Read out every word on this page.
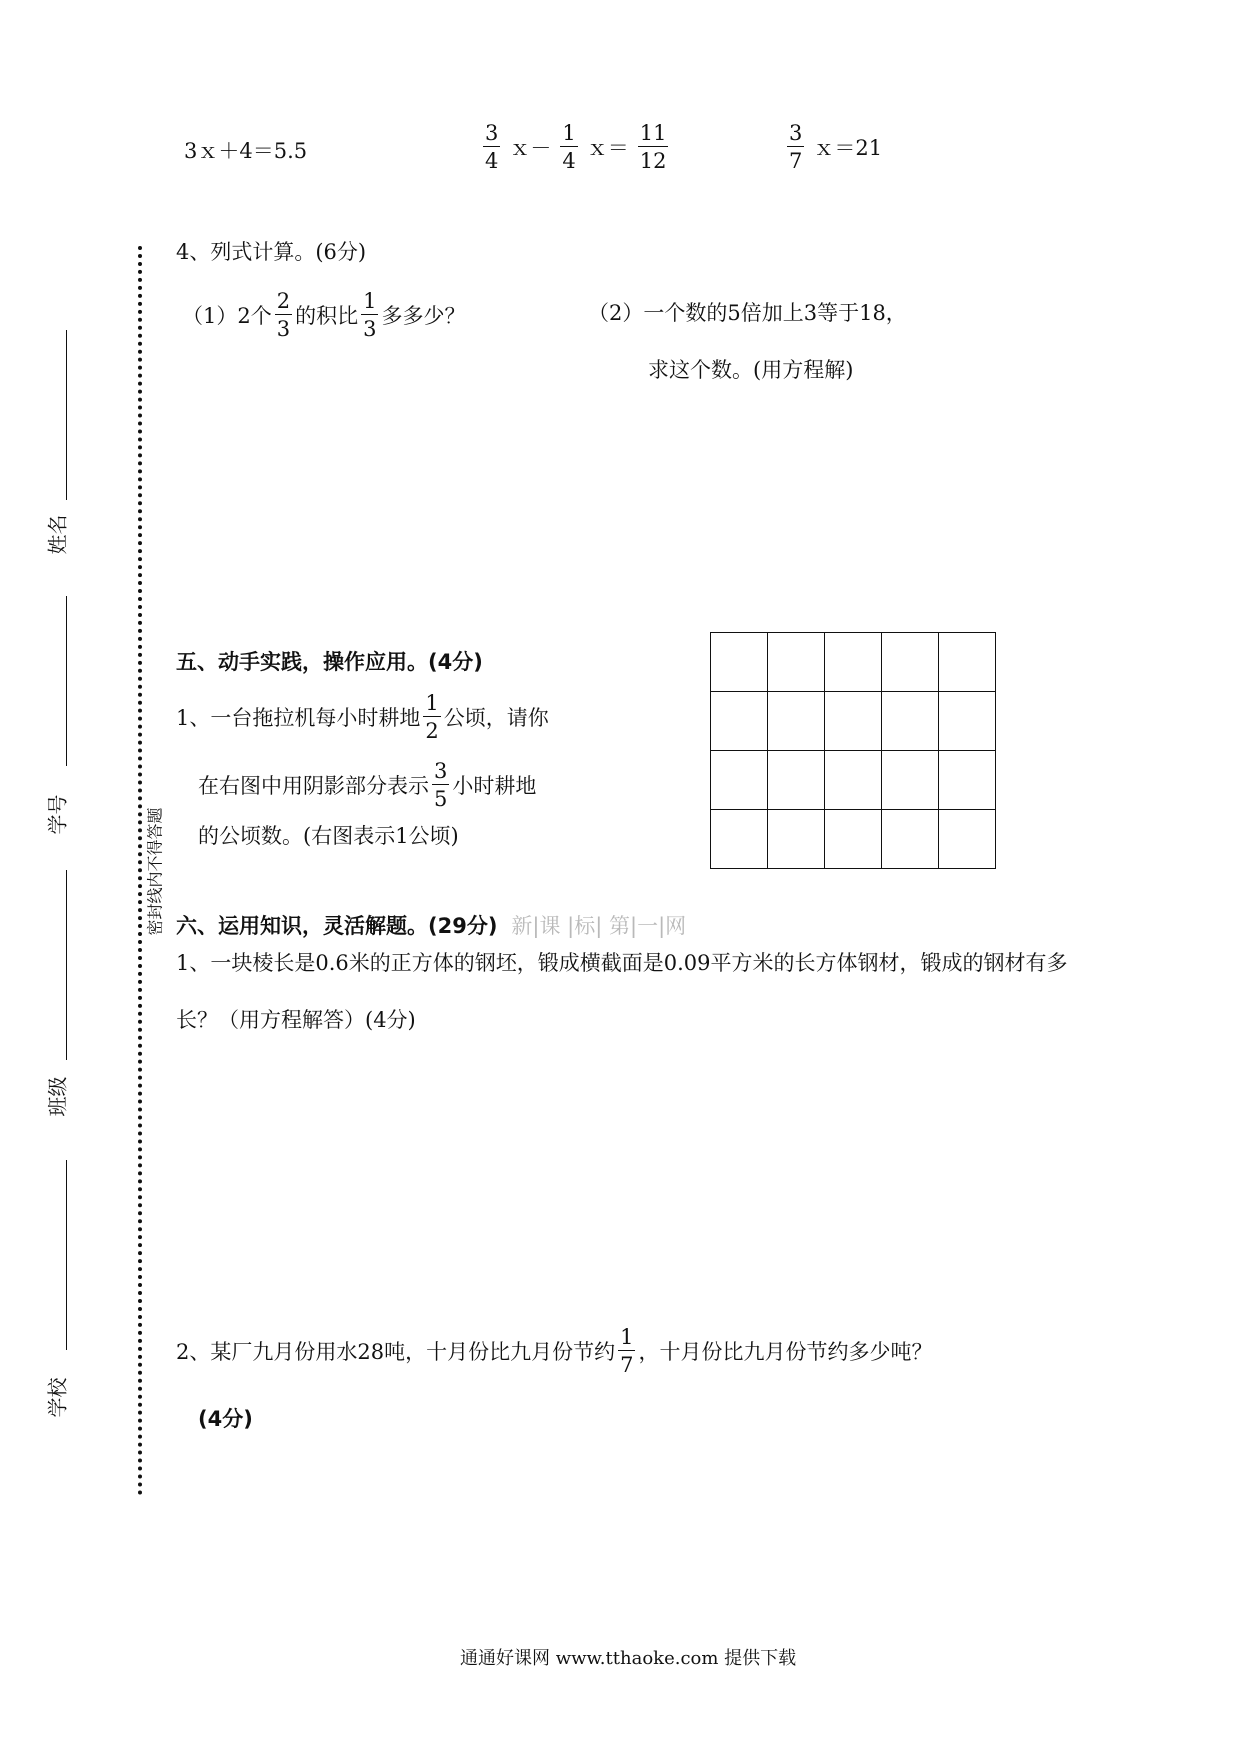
3ｘ＋4＝5.5	$\frac{3}{4}$ ｘ－ $\frac{1}{4}$ ｘ＝ $\frac{11}{12}$	$\frac{3}{7}$ ｘ＝21
4、列式计算。(6分)
（1）2个 $\frac{2}{3}$ 的积比 $\frac{1}{3}$ 多多少？	（2）一个数的5倍加上3等于18，
求这个数。(用方程解)
五、动手实践，操作应用。(4分)
1、一台拖拉机每小时耕地 $\frac{1}{2}$ 公顷，请你
在右图中用阴影部分表示 $\frac{3}{5}$ 小时耕地
的公顷数。(右图表示1公顷)

六、运用知识，灵活解题。(29分) 新|课 |标| 第|一|网
1、一块棱长是0.6米的正方体的钢坯，锻成横截面是0.09平方米的长方体钢材，锻成的钢材有多
长？（用方程解答）(4分)
2、某厂九月份用水28吨，十月份比九月份节约 $\frac{1}{7}$ ，十月份比九月份节约多少吨？
(4分)
密封线内不得答题
姓名
学号
班级
学校
通通好课网 www.tthaoke.com 提供下载
